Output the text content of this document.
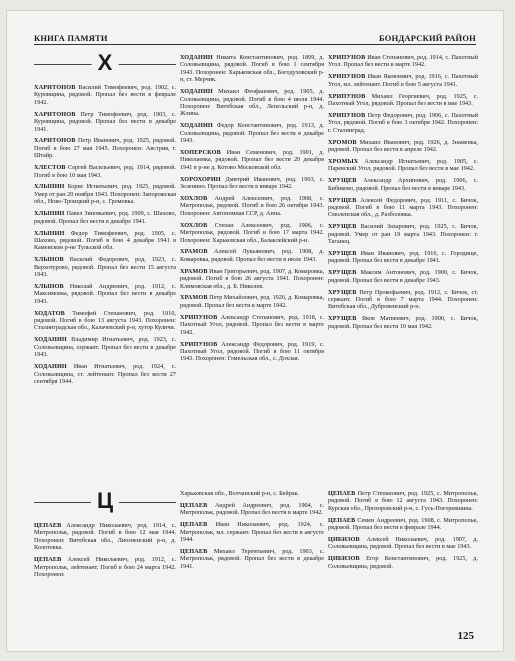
КНИГА ПАМЯТИ	БОНДАРСКИЙ РАЙОН
Х

ХАРИТОНОВ Василий Тимофеевич, род. 1902, с. Куровщина, рядовой. Пропал без вести в феврале 1942.

ХАРИТОНОВ Петр Тимофеевич, род. 1903, с. Куровщина, рядовой. Пропал без вести в декабре 1941.

ХАРИТОНОВ Петр Иванович, род. 1925, рядовой. Погиб в бою 27 мая 1945. Похоронен: Австрия, г. Штайр.

ХЛЕСТОВ Сергей Васильевич, род. 1914, рядовой. Погиб в бою 10 мая 1943.

ХЛЫНИН Борис Игнатьевич, род. 1925, рядовой. Умер от ран 20 ноября 1943. Похоронен: Запорожская обл., Ново-Троицкий р-н, с. Громовка.

ХЛЫНИН Павел Зиновьевич, род. 1909, с. Шахово, рядовой. Пропал без вести в декабре 1941.

ХЛЫНИН Федор Тимофеевич, род. 1905, с. Шахово, рядовой. Погиб в бою 4 декабря 1941 в Каменском р-не Тульской обл.

ХЛЫНОВ Василий Федорович, род. 1923, с. Верхотурово, рядовой. Пропал без вести 15 августа 1943.

ХЛЫНОВ Николай Андреевич, род. 1912, с. Максимовка, рядовой. Пропал без вести в декабре 1943.

ХОДАТОВ Тимофей Степанович, род. 1910, рядовой. Погиб в бою 13 августа 1943. Похоронен: Сталинградская обл., Калачевский р-н, хутор Куличи.

ХОДАНИН Владимир Игнатьевич, род. 1923, с. Соловьевщина, сержант. Пропал без вести в декабре 1943.

ХОДАНИН Иван Игнатьевич, род. 1924, с. Соловьевщина, ст. лейтенант. Пропал без вести 27 сентября 1944.

ХОДАНИН Никита Константинович, род. 1899, д. Соловьевщина, рядовой. Погиб в бою 1 сентября 1943. Похоронен: Харьковская обл., Богодуховский р-н, ст. Мерчик.

ХОДАНИН Михаил Феофанович, род. 1905, д. Соловьевщина, рядовой. Погиб в бою 4 июля 1944. Похоронен: Витебская обл., Лепельский р-н, д. Жлина.

ХОДАНИН Федор Константинович, род. 1913, д. Соловьевщина, рядовой. Пропал без вести в декабре 1943.

ХОПЕРСКОВ Иван Семенович, род. 1901, д. Николаевка, рядовой. Пропал без вести 20 декабря 1941 в р-не д. Котово Московской обл.

ХОРОХОРИН Дмитрий Иванович, род. 1903, с. Зеленино. Пропал без вести в январе 1942.

ХОХЛОВ Андрей Алексеевич, род. 1908, с. Митропольк, рядовой. Погиб в бою 26 октября 1943. Похоронен: Автономная ССР, д. Анна.

ХОХЛОВ Степан Алексеевич, род. 1906, с. Митропольк, рядовой. Погиб в бою 17 марта 1942. Похоронен: Харьковская обл., Балаклейский р-н.

ХРАМОВ Алексей Лукьянович, род. 1908, д. Комаровка, рядовой. Пропал без вести в июле 1943.

ХРАМОВ Иван Григорьевич, род. 1907, д. Комаровка, рядовой. Погиб в бою 26 августа 1941. Похоронен: Климовская обл., д. Б. Николев.

ХРАМОВ Петр Михайлович, род. 1926, д. Комаровка, рядовой. Пропал без вести в марте 1942.

ХРИПУНОВ Александр Степанович, род. 1918, с. Пахотный Угол, рядовой. Пропал без вести в марте 1942.

ХРИПУНОВ Александр Федорович, род. 1919, с. Пахотный Угол, рядовой. Погиб в бою 11 октября 1943. Похоронен: Гомельская обл., с. Дохлая.

ХРИПУНОВ Иван Степанович, род. 1914, с. Пахотный Угол. Пропал без вести в марте 1942.

ХРИПУНОВ Иван Яковлевич, род. 1916, с. Пахотный Угол, мл. лейтенант. Погиб в бою 5 августа 1941.

ХРИПУНОВ Михаил Георгиевич, род. 1925, с. Пахотный Угол, рядовой. Пропал без вести в мае 1943.

ХРИПУНОВ Петр Федорович, род. 1906, с. Пахотный Угол, рядовой. Погиб в бою 3 октября 1942. Похоронен: г. Сталинград.

ХРОМОВ Михаил Иванович, род. 1926, д. Знаменка, рядовой. Пропал без вести в апреле 1942.

ХРОМЫХ Александр Игнатьевич, род. 1905, с. Паревский Угол, рядовой. Пропал без вести в мае 1942.

ХРУЩЕВ Александр Архипович, род. 1906, с. Бибиково, рядовой. Пропал без вести в январе 1943.

ХРУЩЕВ Алексей Федорович, род. 1911, с. Бичок, рядовой. Погиб в бою 11 марта 1943. Похоронен: Смоленская обл., д. Разболовка.

ХРУЩЕВ Василий Захарович, род. 1925, с. Бичок, рядовой. Умер от ран 19 марта 1943. Похоронен: г. Таганец.

ХРУЩЕВ Иван Иванович, род. 1916, с. Городище, рядовой. Пропал без вести в декабре 1941.

ХРУЩЕВ Максим Антонович, род. 1900, с. Бичок, рядовой. Пропал без вести в декабре 1943.

ХРУЩЕВ Петр Прокофьевич, род. 1912, с. Бичок, ст. сержант. Погиб в бою 7 марта 1944. Похоронен: Витебская обл., Дубровенский р-н.

ХРУЩЕВ Яков Матвеевич, род. 1900, с. Бичок, рядовой. Пропал без вести 10 мая 1942.

Ц

ЦЕПАЕВ Александр Николаевич, род. 1914, с. Митропольк, рядовой. Погиб в бою 12 мая 1944. Похоронен: Витебская обл., Лиозненский р-н, д. Колотовка.

ЦЕПАЕВ Алексей Николаевич, род. 1912, с. Митропольк, лейтенант. Погиб в бою 24 марта 1942. Похоронен:

Харьковская обл., Волчанский р-н, с. Бейрак.

ЦЕПАЕВ Андрей Андреевич, род. 1904, с. Митропольк, рядовой. Пропал без вести в марте 1942.

ЦЕПАЕВ Иван Николаевич, род. 1924, с. Митропольк, мл. сержант. Пропал без вести в августе 1944.

ЦЕПАЕВ Михаил Терентьевич, род. 1903, с. Митропольк, рядовой. Пропал без вести в декабре 1941.

ЦЕПАЕВ Петр Степанович, род. 1925, с. Митропольк, рядовой. Погиб в бою 12 августа 1943. Похоронен: Курская обл., Прохоровский р-н, с. Гусь-Погоревшина.

ЦЕПАЕВ Семен Андреевич, род. 1908, с. Митропольк, рядовой. Пропал без вести в феврале 1944.

ЦИБИЗОВ Алексей Николаевич, род. 1907, д. Соловьевщина, рядовой. Пропал без вести в мае 1943.

ЦИБИЗОВ Егор Константинович, род. 1925, д. Соловьевщина, рядовой.

125
